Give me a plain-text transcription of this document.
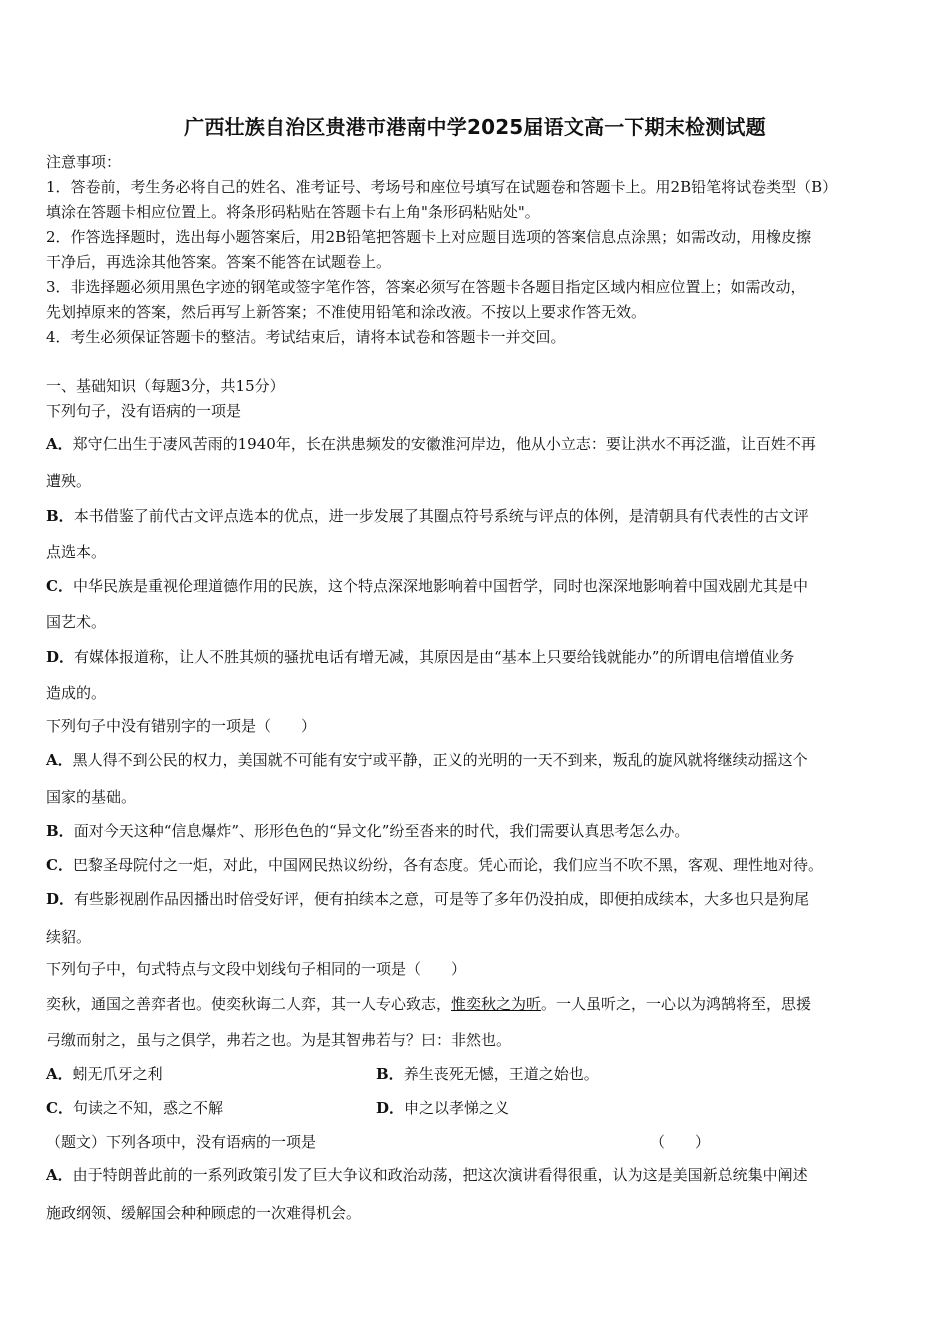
广西壮族自治区贵港市港南中学2025届语文高一下期末检测试题
注意事项：
1．答卷前，考生务必将自己的姓名、准考证号、考场号和座位号填写在试题卷和答题卡上。用2B铅笔将试卷类型（B）
填涂在答题卡相应位置上。将条形码粘贴在答题卡右上角"条形码粘贴处"。
2．作答选择题时，选出每小题答案后，用2B铅笔把答题卡上对应题目选项的答案信息点涂黑；如需改动，用橡皮擦
干净后，再选涂其他答案。答案不能答在试题卷上。
3．非选择题必须用黑色字迹的钢笔或签字笔作答，答案必须写在答题卡各题目指定区域内相应位置上；如需改动，
先划掉原来的答案，然后再写上新答案；不准使用铅笔和涂改液。不按以上要求作答无效。
4．考生必须保证答题卡的整洁。考试结束后，请将本试卷和答题卡一并交回。
一、基础知识（每题3分，共15分）
下列句子，没有语病的一项是
A．郑守仁出生于凄风苦雨的1940年，长在洪患频发的安徽淮河岸边，他从小立志：要让洪水不再泛滥，让百姓不再
遭殃。
B．本书借鉴了前代古文评点选本的优点，进一步发展了其圈点符号系统与评点的体例，是清朝具有代表性的古文评
点选本。
C．中华民族是重视伦理道德作用的民族，这个特点深深地影响着中国哲学，同时也深深地影响着中国戏剧尤其是中
国艺术。
D．有媒体报道称，让人不胜其烦的骚扰电话有增无减，其原因是由“基本上只要给钱就能办”的所谓电信增值业务
造成的。
下列句子中没有错别字的一项是（　　）
A．黑人得不到公民的权力，美国就不可能有安宁或平静，正义的光明的一天不到来，叛乱的旋风就将继续动摇这个
国家的基础。
B．面对今天这种“信息爆炸”、形形色色的“异文化”纷至沓来的时代，我们需要认真思考怎么办。
C．巴黎圣母院付之一炬，对此，中国网民热议纷纷，各有态度。凭心而论，我们应当不吹不黑，客观、理性地对待。
D．有些影视剧作品因播出时倍受好评，便有拍续本之意，可是等了多年仍没拍成，即便拍成续本，大多也只是狗尾
续貂。
下列句子中，句式特点与文段中划线句子相同的一项是（　　）
奕秋，通国之善弈者也。使奕秋诲二人弈，其一人专心致志，惟奕秋之为听。一人虽听之，一心以为鸿鹄将至，思援
弓缴而射之，虽与之俱学，弗若之也。为是其智弗若与？曰：非然也。
A．蚓无爪牙之利	B．养生丧死无憾，王道之始也。
C．句读之不知，惑之不解	D．申之以孝悌之义
（题文）下列各项中，没有语病的一项是	（　　）
A．由于特朗普此前的一系列政策引发了巨大争议和政治动荡，把这次演讲看得很重，认为这是美国新总统集中阐述
施政纲领、缓解国会种种顾虑的一次难得机会。
